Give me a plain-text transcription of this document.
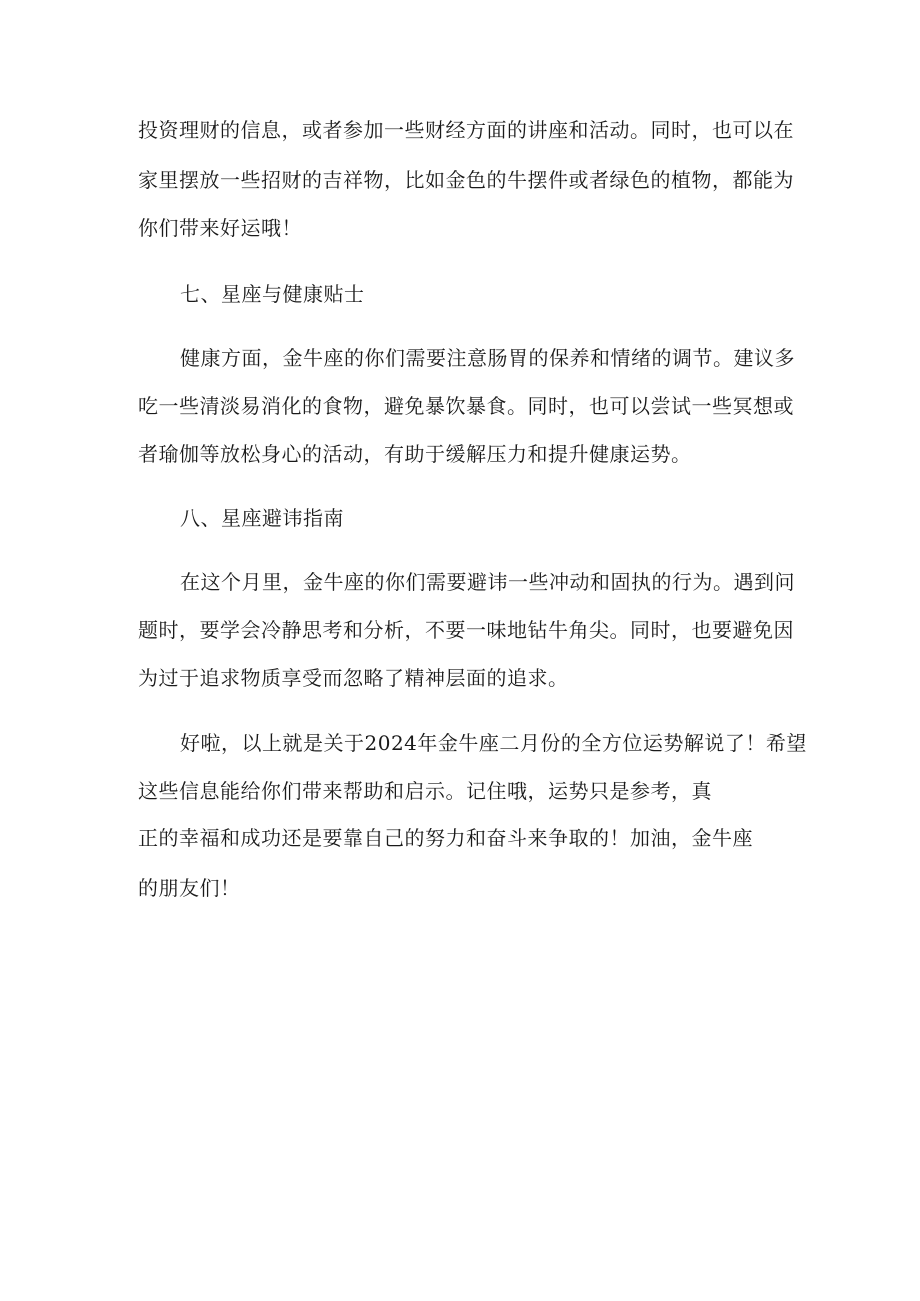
投资理财的信息，或者参加一些财经方面的讲座和活动。同时，也可以在
家里摆放一些招财的吉祥物，比如金色的牛摆件或者绿色的植物，都能为
你们带来好运哦！
七、星座与健康贴士
健康方面，金牛座的你们需要注意肠胃的保养和情绪的调节。建议多
吃一些清淡易消化的食物，避免暴饮暴食。同时，也可以尝试一些冥想或
者瑜伽等放松身心的活动，有助于缓解压力和提升健康运势。
八、星座避讳指南
在这个月里，金牛座的你们需要避讳一些冲动和固执的行为。遇到问
题时，要学会冷静思考和分析，不要一味地钻牛角尖。同时，也要避免因
为过于追求物质享受而忽略了精神层面的追求。
好啦，以上就是关于2024年金牛座二月份的全方位运势解说了！希望
这些信息能给你们带来帮助和启示。记住哦，运势只是参考，真
正的幸福和成功还是要靠自己的努力和奋斗来争取的！加油，金牛座
的朋友们！
